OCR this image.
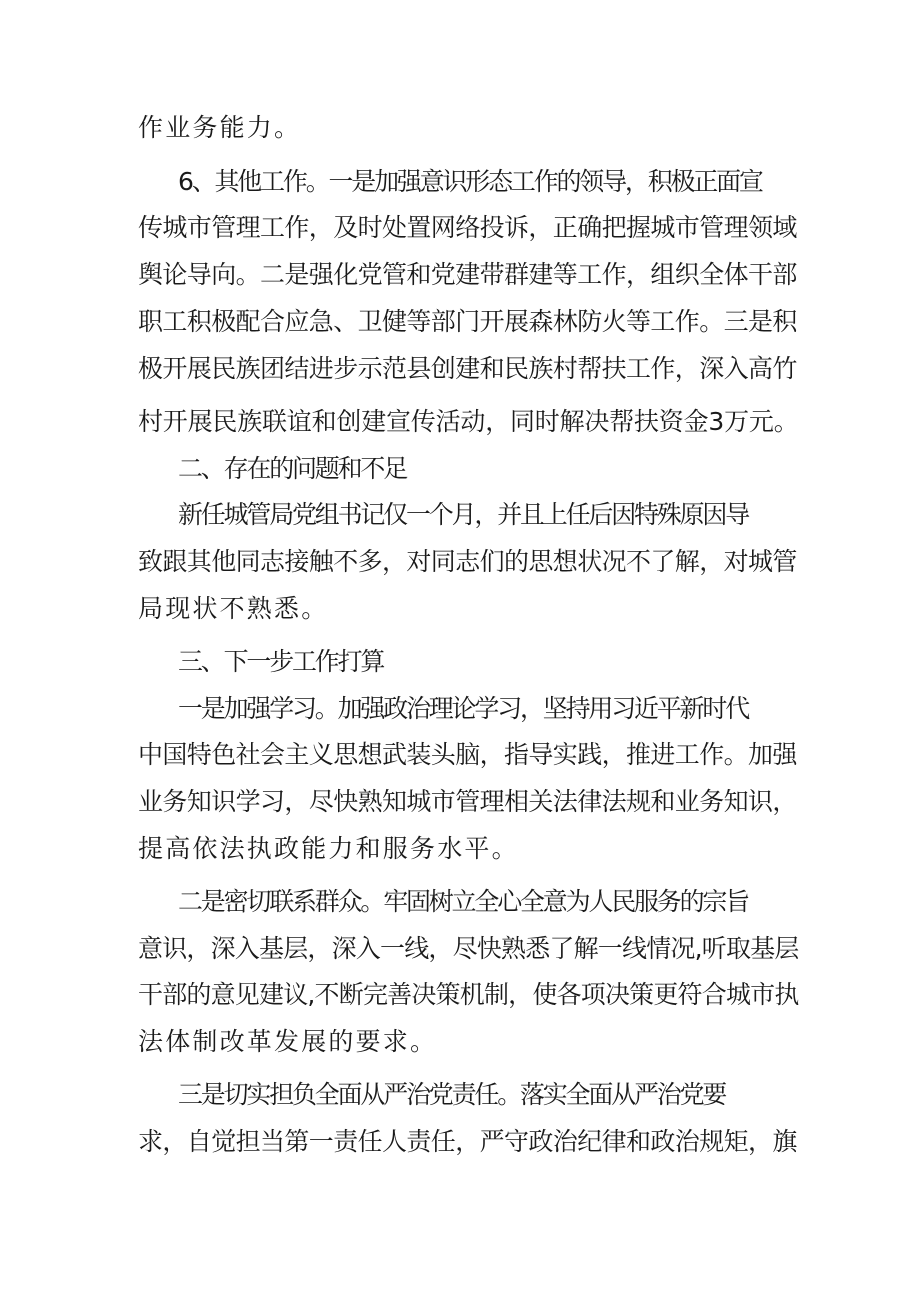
作业务能力。
6、其他工作。一是加强意识形态工作的领导，积极正面宣
传城市管理工作，及时处置网络投诉，正确把握城市管理领域
舆论导向。二是强化党管和党建带群建等工作，组织全体干部
职工积极配合应急、卫健等部门开展森林防火等工作。三是积
极开展民族团结进步示范县创建和民族村帮扶工作，深入高竹
村开展民族联谊和创建宣传活动，同时解决帮扶资金3万元。
二、存在的问题和不足
新任城管局党组书记仅一个月，并且上任后因特殊原因导
致跟其他同志接触不多，对同志们的思想状况不了解，对城管
局现状不熟悉。
三、下一步工作打算
一是加强学习。加强政治理论学习，坚持用习近平新时代
中国特色社会主义思想武装头脑，指导实践，推进工作。加强
业务知识学习，尽快熟知城市管理相关法律法规和业务知识，
提高依法执政能力和服务水平。
二是密切联系群众。牢固树立全心全意为人民服务的宗旨
意识，深入基层，深入一线，尽快熟悉了解一线情况,听取基层
干部的意见建议,不断完善决策机制，使各项决策更符合城市执
法体制改革发展的要求。
三是切实担负全面从严治党责任。落实全面从严治党要
求，自觉担当第一责任人责任，严守政治纪律和政治规矩，旗
